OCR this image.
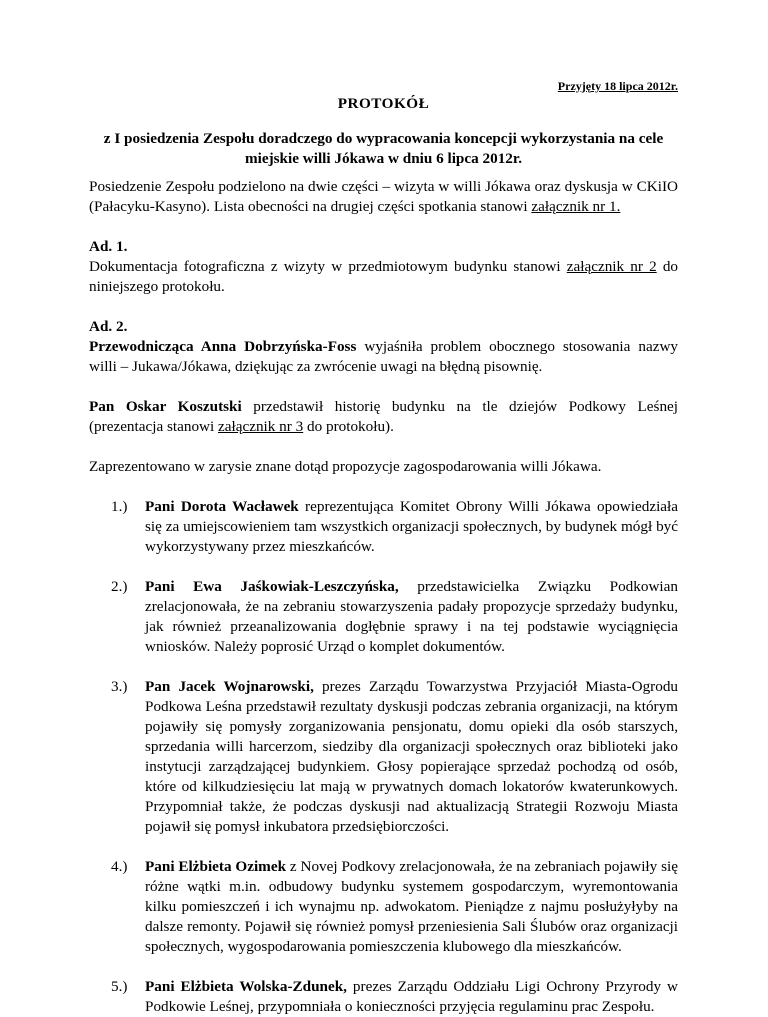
Przyjęty 18 lipca 2012r.
PROTOKÓŁ
z I posiedzenia Zespołu doradczego do wypracowania koncepcji wykorzystania na cele
miejskie willi Jókawa w dniu 6 lipca 2012r.

Posiedzenie Zespołu podzielono na dwie części – wizyta w willi Jókawa oraz dyskusja w CKiIO (Pałacyku-Kasyno). Lista obecności na drugiej części spotkania stanowi załącznik nr 1.

Ad. 1.

Dokumentacja fotograficzna z wizyty w przedmiotowym budynku stanowi załącznik nr 2 do niniejszego protokołu.

Ad. 2.

Przewodnicząca Anna Dobrzyńska-Foss wyjaśniła problem obocznego stosowania nazwy willi – Jukawa/Jókawa, dziękując za zwrócenie uwagi na błędną pisownię.

Pan Oskar Koszutski przedstawił historię budynku na tle dziejów Podkowy Leśnej (prezentacja stanowi załącznik nr 3 do protokołu).

Zaprezentowano w zarysie znane dotąd propozycje zagospodarowania willi Jókawa.

1.)	Pani Dorota Wacławek reprezentująca Komitet Obrony Willi Jókawa opowiedziała się za umiejscowieniem tam wszystkich organizacji społecznych, by budynek mógł być wykorzystywany przez mieszkańców.
2.)	Pani Ewa Jaśkowiak-Leszczyńska, przedstawicielka Związku Podkowian zrelacjonowała, że na zebraniu stowarzyszenia padały propozycje sprzedaży budynku, jak również przeanalizowania dogłębnie sprawy i na tej podstawie wyciągnięcia wniosków. Należy poprosić Urząd o komplet dokumentów.
3.)	Pan Jacek Wojnarowski, prezes Zarządu Towarzystwa Przyjaciół Miasta-Ogrodu Podkowa Leśna przedstawił rezultaty dyskusji podczas zebrania organizacji, na którym pojawiły się pomysły zorganizowania pensjonatu, domu opieki dla osób starszych, sprzedania willi harcerzom, siedziby dla organizacji społecznych oraz biblioteki jako instytucji zarządzającej budynkiem. Głosy popierające sprzedaż pochodzą od osób, które od kilkudziesięciu lat mają w prywatnych domach lokatorów kwaterunkowych. Przypomniał także, że podczas dyskusji nad aktualizacją Strategii Rozwoju Miasta pojawił się pomysł inkubatora przedsiębiorczości.
4.)	Pani Elżbieta Ozimek z Novej Podkovy zrelacjonowała, że na zebraniach pojawiły się różne wątki m.in. odbudowy budynku systemem gospodarczym, wyremontowania kilku pomieszczeń i ich wynajmu np. adwokatom. Pieniądze z najmu posłużyłyby na dalsze remonty. Pojawił się również pomysł przeniesienia Sali Ślubów oraz organizacji społecznych, wygospodarowania pomieszczenia klubowego dla mieszkańców.
5.)	Pani Elżbieta Wolska-Zdunek, prezes Zarządu Oddziału Ligi Ochrony Przyrody w Podkowie Leśnej, przypomniała o konieczności przyjęcia regulaminu prac Zespołu.
